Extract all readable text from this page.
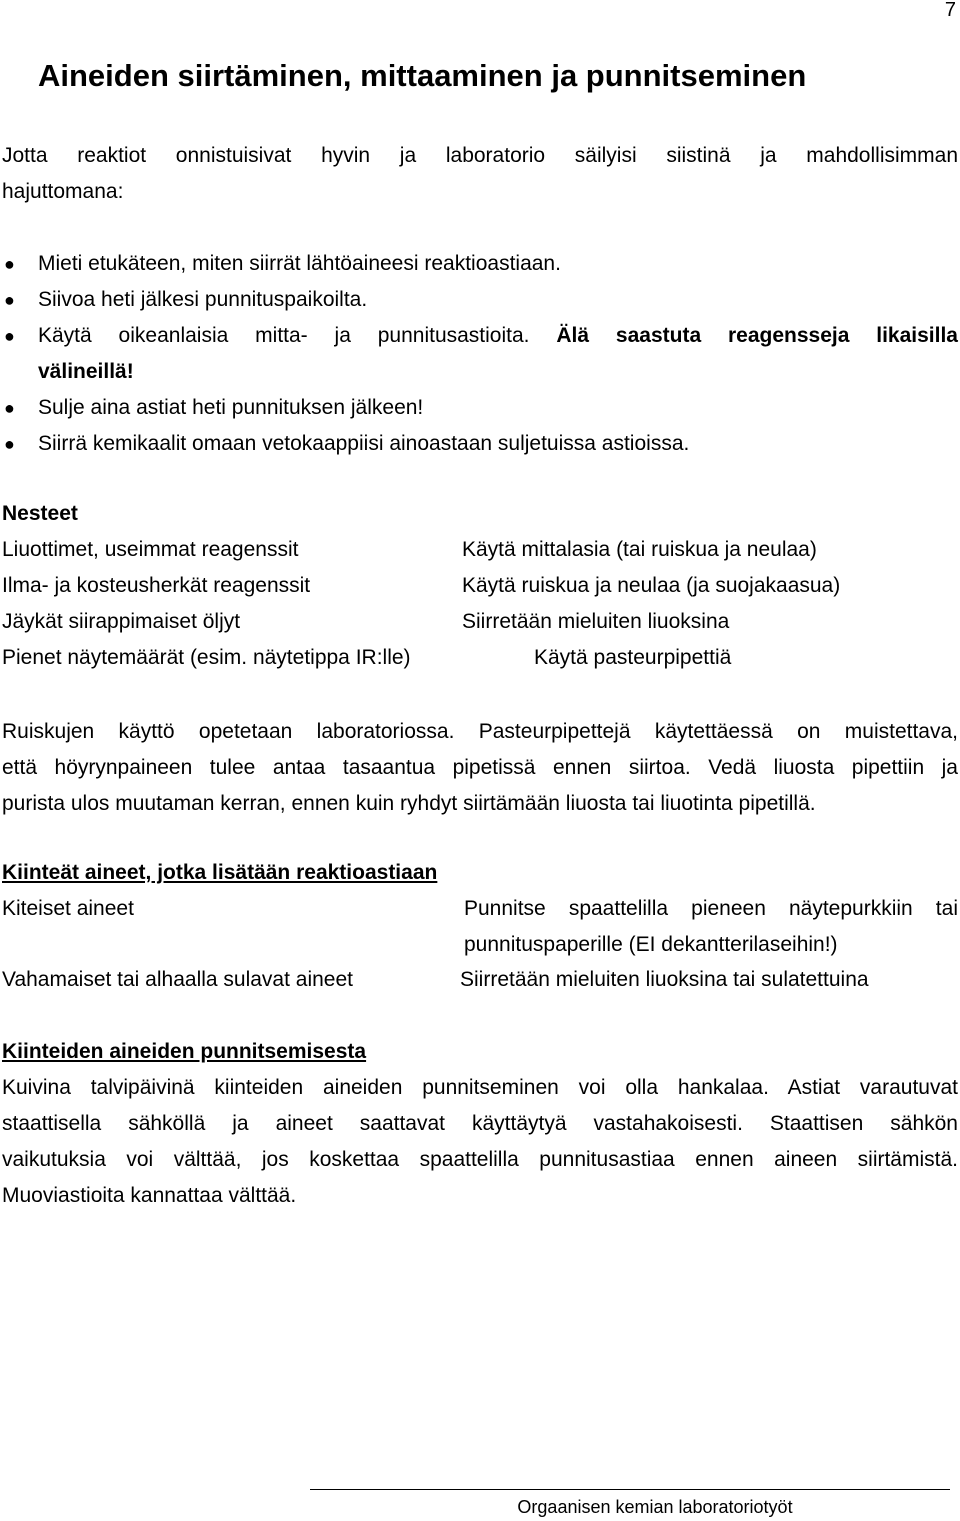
7
Aineiden siirtäminen, mittaaminen ja punnitseminen
Jotta reaktiot onnistuisivat hyvin ja laboratorio säilyisi siistinä ja mahdollisimman
hajuttomana:
● Mieti etukäteen, miten siirrät lähtöaineesi reaktioastiaan.
● Siivoa heti jälkesi punnituspaikoilta.
● Käytä oikeanlaisia mitta- ja punnitusastioita. Älä saastuta reagensseja likaisilla
välineillä!
● Sulje aina astiat heti punnituksen jälkeen!
● Siirrä kemikaalit omaan vetokaappiisi ainoastaan suljetuissa astioissa.
Nesteet
Liuottimet, useimmat reagenssit	Käytä mittalasia (tai ruiskua ja neulaa)
Ilma- ja kosteusherkät reagenssit	Käytä ruiskua ja neulaa (ja suojakaasua)
Jäykät siirappimaiset öljyt	Siirretään mieluiten liuoksina
Pienet näytemäärät (esim. näytetippa IR:lle)	Käytä pasteurpipettiä
Ruiskujen käyttö opetetaan laboratoriossa. Pasteurpipettejä käytettäessä on muistettava,
että höyrynpaineen tulee antaa tasaantua pipetissä ennen siirtoa. Vedä liuosta pipettiin ja
purista ulos muutaman kerran, ennen kuin ryhdyt siirtämään liuosta tai liuotinta pipetillä.
Kiinteät aineet, jotka lisätään reaktioastiaan
Kiteiset aineet	Punnitse spaattelilla pieneen näytepurkkiin tai
punnituspaperille (EI dekantterilaseihin!)
Vahamaiset tai alhaalla sulavat aineet	Siirretään mieluiten liuoksina tai sulatettuina
Kiinteiden aineiden punnitsemisesta
Kuivina talvipäivinä kiinteiden aineiden punnitseminen voi olla hankalaa. Astiat varautuvat
staattisella sähköllä ja aineet saattavat käyttäytyä vastahakoisesti. Staattisen sähkön
vaikutuksia voi välttää, jos koskettaa spaattelilla punnitusastiaa ennen aineen siirtämistä.
Muoviastioita kannattaa välttää.
Orgaanisen kemian laboratoriotyöt
